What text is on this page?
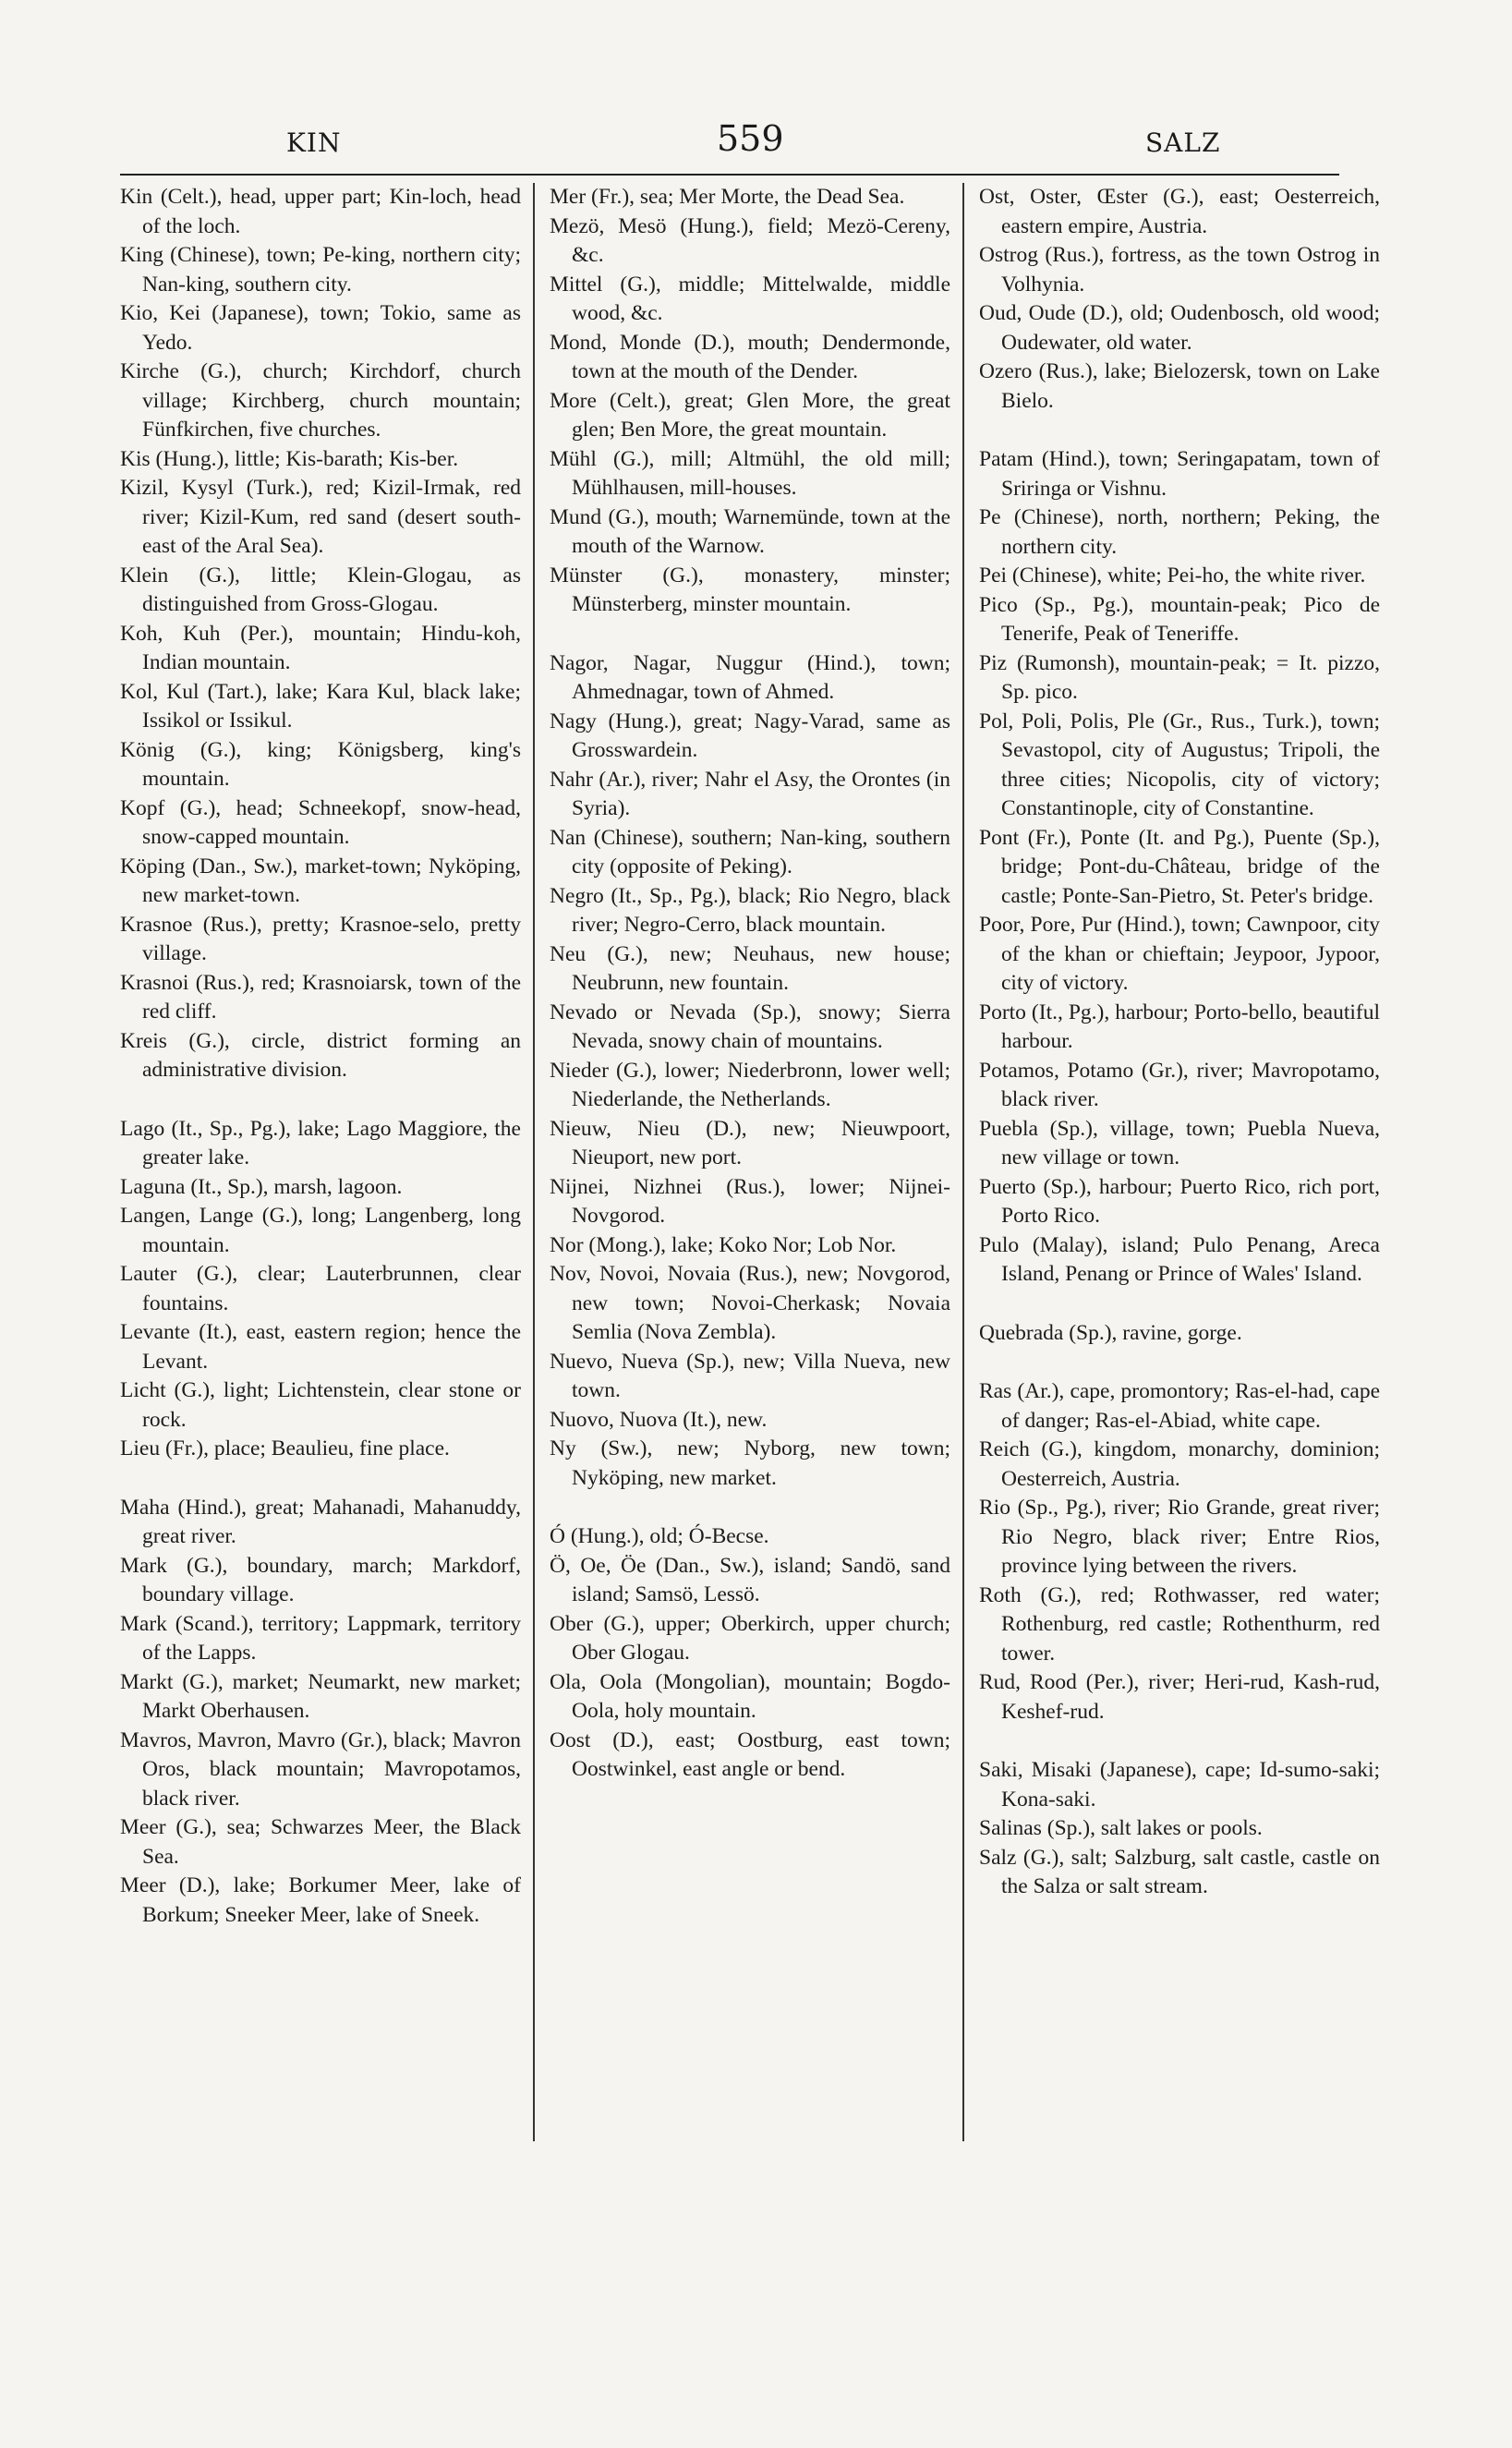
KIN	559	SALZ

Kin (Celt.), head, upper part; Kin-loch, head of the loch.

King (Chinese), town; Pe-king, northern city; Nan-king, southern city.

Kio, Kei (Japanese), town; Tokio, same as Yedo.

Kirche (G.), church; Kirchdorf, church village; Kirchberg, church mountain; Fünfkirchen, five churches.

Kis (Hung.), little; Kis-barath; Kis-ber.

Kizil, Kysyl (Turk.), red; Kizil-Irmak, red river; Kizil-Kum, red sand (desert south-east of the Aral Sea).

Klein (G.), little; Klein-Glogau, as distinguished from Gross-Glogau.

Koh, Kuh (Per.), mountain; Hindu-koh, Indian mountain.

Kol, Kul (Tart.), lake; Kara Kul, black lake; Issikol or Issikul.

König (G.), king; Königsberg, king's mountain.

Kopf (G.), head; Schneekopf, snow-head, snow-capped mountain.

Köping (Dan., Sw.), market-town; Nyköping, new market-town.

Krasnoe (Rus.), pretty; Krasnoe-selo, pretty village.

Krasnoi (Rus.), red; Krasnoiarsk, town of the red cliff.

Kreis (G.), circle, district forming an administrative division.

Lago (It., Sp., Pg.), lake; Lago Maggiore, the greater lake.

Laguna (It., Sp.), marsh, lagoon.

Langen, Lange (G.), long; Langenberg, long mountain.

Lauter (G.), clear; Lauterbrunnen, clear fountains.

Levante (It.), east, eastern region; hence the Levant.

Licht (G.), light; Lichtenstein, clear stone or rock.

Lieu (Fr.), place; Beaulieu, fine place.

Maha (Hind.), great; Mahanadi, Mahanuddy, great river.

Mark (G.), boundary, march; Markdorf, boundary village.

Mark (Scand.), territory; Lappmark, territory of the Lapps.

Markt (G.), market; Neumarkt, new market; Markt Oberhausen.

Mavros, Mavron, Mavro (Gr.), black; Mavron Oros, black mountain; Mavropotamos, black river.

Meer (G.), sea; Schwarzes Meer, the Black Sea.

Meer (D.), lake; Borkumer Meer, lake of Borkum; Sneeker Meer, lake of Sneek.

Mer (Fr.), sea; Mer Morte, the Dead Sea.

Mezö, Mesö (Hung.), field; Mezö-Cereny, &c.

Mittel (G.), middle; Mittelwalde, middle wood, &c.

Mond, Monde (D.), mouth; Dendermonde, town at the mouth of the Dender.

More (Celt.), great; Glen More, the great glen; Ben More, the great mountain.

Mühl (G.), mill; Altmühl, the old mill; Mühlhausen, mill-houses.

Mund (G.), mouth; Warnemünde, town at the mouth of the Warnow.

Münster (G.), monastery, minster; Münsterberg, minster mountain.

Nagor, Nagar, Nuggur (Hind.), town; Ahmednagar, town of Ahmed.

Nagy (Hung.), great; Nagy-Varad, same as Grosswardein.

Nahr (Ar.), river; Nahr el Asy, the Orontes (in Syria).

Nan (Chinese), southern; Nan-king, southern city (opposite of Peking).

Negro (It., Sp., Pg.), black; Rio Negro, black river; Negro-Cerro, black mountain.

Neu (G.), new; Neuhaus, new house; Neubrunn, new fountain.

Nevado or Nevada (Sp.), snowy; Sierra Nevada, snowy chain of mountains.

Nieder (G.), lower; Niederbronn, lower well; Niederlande, the Netherlands.

Nieuw, Nieu (D.), new; Nieuwpoort, Nieuport, new port.

Nijnei, Nizhnei (Rus.), lower; Nijnei-Novgorod.

Nor (Mong.), lake; Koko Nor; Lob Nor.

Nov, Novoi, Novaia (Rus.), new; Novgorod, new town; Novoi-Cherkask; Novaia Semlia (Nova Zembla).

Nuevo, Nueva (Sp.), new; Villa Nueva, new town.

Nuovo, Nuova (It.), new.

Ny (Sw.), new; Nyborg, new town; Nyköping, new market.

Ó (Hung.), old; Ó-Becse.

Ö, Oe, Öe (Dan., Sw.), island; Sandö, sand island; Samsö, Lessö.

Ober (G.), upper; Oberkirch, upper church; Ober Glogau.

Ola, Oola (Mongolian), mountain; Bogdo-Oola, holy mountain.

Oost (D.), east; Oostburg, east town; Oostwinkel, east angle or bend.

Ost, Oster, Œster (G.), east; Oesterreich, eastern empire, Austria.

Ostrog (Rus.), fortress, as the town Ostrog in Volhynia.

Oud, Oude (D.), old; Oudenbosch, old wood; Oudewater, old water.

Ozero (Rus.), lake; Bielozersk, town on Lake Bielo.

Patam (Hind.), town; Seringapatam, town of Sriringa or Vishnu.

Pe (Chinese), north, northern; Peking, the northern city.

Pei (Chinese), white; Pei-ho, the white river.

Pico (Sp., Pg.), mountain-peak; Pico de Tenerife, Peak of Teneriffe.

Piz (Rumonsh), mountain-peak; = It. pizzo, Sp. pico.

Pol, Poli, Polis, Ple (Gr., Rus., Turk.), town; Sevastopol, city of Augustus; Tripoli, the three cities; Nicopolis, city of victory; Constantinople, city of Constantine.

Pont (Fr.), Ponte (It. and Pg.), Puente (Sp.), bridge; Pont-du-Château, bridge of the castle; Ponte-San-Pietro, St. Peter's bridge.

Poor, Pore, Pur (Hind.), town; Cawnpoor, city of the khan or chieftain; Jeypoor, Jypoor, city of victory.

Porto (It., Pg.), harbour; Porto-bello, beautiful harbour.

Potamos, Potamo (Gr.), river; Mavropotamo, black river.

Puebla (Sp.), village, town; Puebla Nueva, new village or town.

Puerto (Sp.), harbour; Puerto Rico, rich port, Porto Rico.

Pulo (Malay), island; Pulo Penang, Areca Island, Penang or Prince of Wales' Island.

Quebrada (Sp.), ravine, gorge.

Ras (Ar.), cape, promontory; Ras-el-had, cape of danger; Ras-el-Abiad, white cape.

Reich (G.), kingdom, monarchy, dominion; Oesterreich, Austria.

Rio (Sp., Pg.), river; Rio Grande, great river; Rio Negro, black river; Entre Rios, province lying between the rivers.

Roth (G.), red; Rothwasser, red water; Rothenburg, red castle; Rothenthurm, red tower.

Rud, Rood (Per.), river; Heri-rud, Kash-rud, Keshef-rud.

Saki, Misaki (Japanese), cape; Id-sumo-saki; Kona-saki.

Salinas (Sp.), salt lakes or pools.

Salz (G.), salt; Salzburg, salt castle, castle on the Salza or salt stream.
